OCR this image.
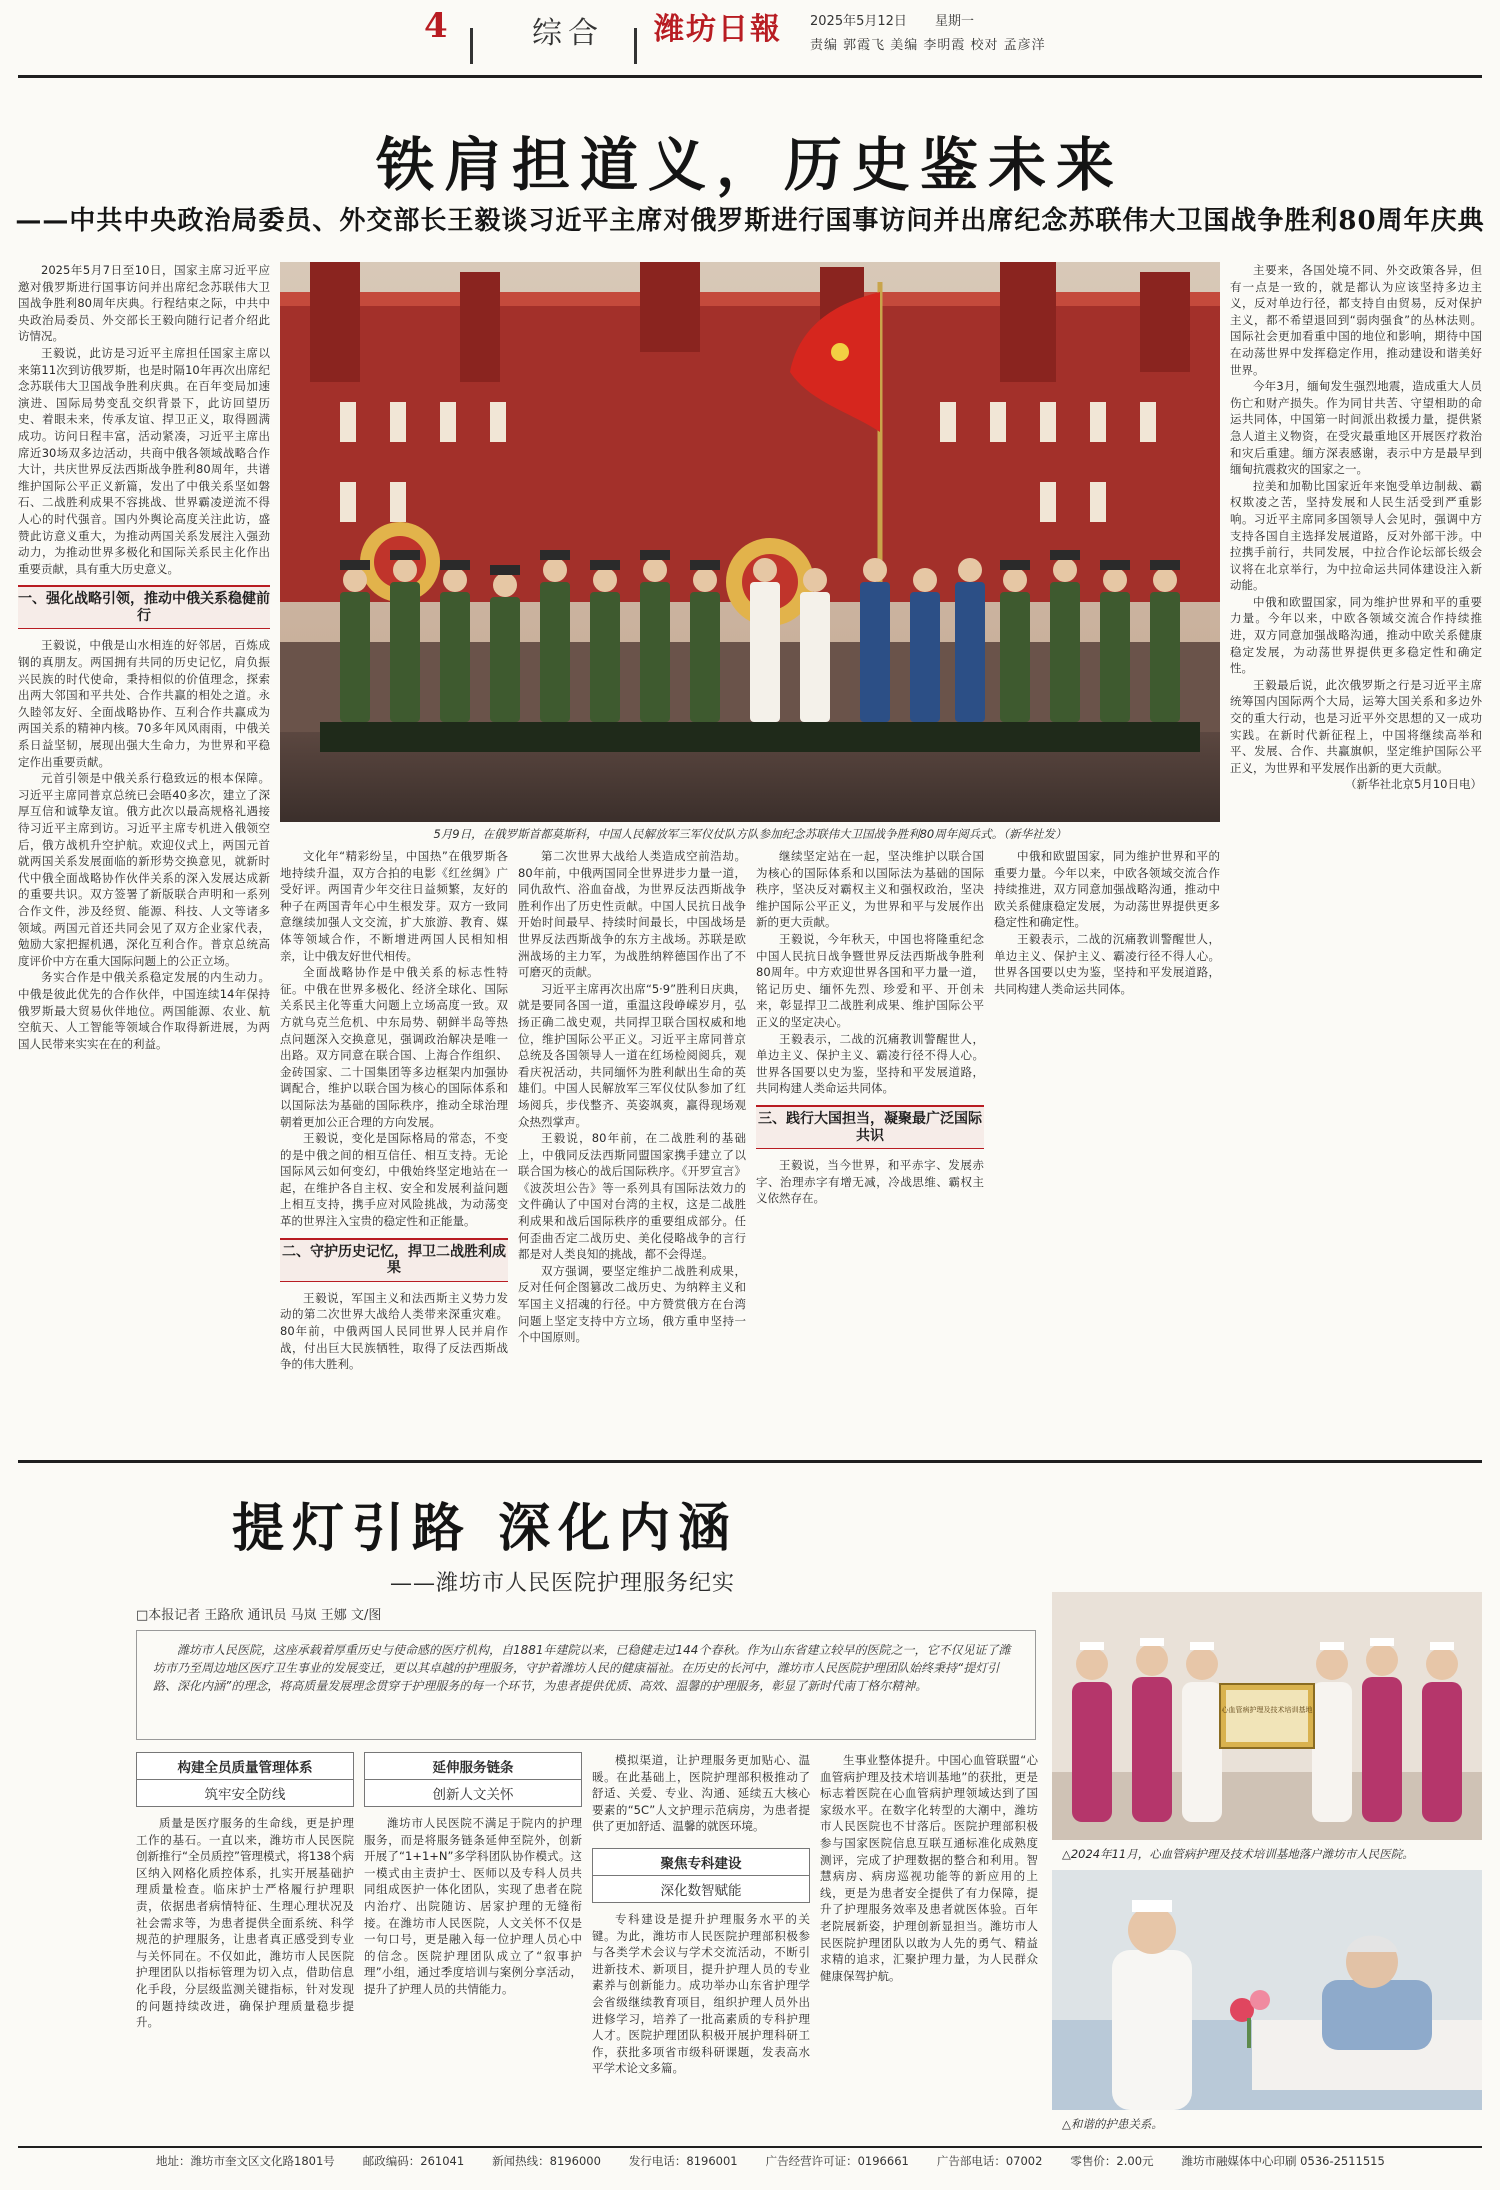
4	综合 潍坊日報 2025年5月12日 星期一
责编 郭霞飞 美编 李明霞 校对 孟彦洋
铁肩担道义，历史鉴未来
——中共中央政治局委员、外交部长王毅谈习近平主席对俄罗斯进行国事访问并出席纪念苏联伟大卫国战争胜利80周年庆典

2025年5月7日至10日，国家主席习近平应邀对俄罗斯进行国事访问并出席纪念苏联伟大卫国战争胜利80周年庆典。行程结束之际，中共中央政治局委员、外交部长王毅向随行记者介绍此访情况。

王毅说，此访是习近平主席担任国家主席以来第11次到访俄罗斯，也是时隔10年再次出席纪念苏联伟大卫国战争胜利庆典。在百年变局加速演进、国际局势变乱交织背景下，此访回望历史、着眼未来，传承友谊、捍卫正义，取得圆满成功。访问日程丰富，活动紧凑，习近平主席出席近30场双多边活动，共商中俄各领域战略合作大计，共庆世界反法西斯战争胜利80周年，共谱维护国际公平正义新篇，发出了中俄关系坚如磐石、二战胜利成果不容挑战、世界霸凌逆流不得人心的时代强音。国内外舆论高度关注此访，盛赞此访意义重大，为推动两国关系发展注入强劲动力，为推动世界多极化和国际关系民主化作出重要贡献，具有重大历史意义。

一、强化战略引领，推动中俄关系稳健前行

王毅说，中俄是山水相连的好邻居，百炼成钢的真朋友。两国拥有共同的历史记忆，肩负振兴民族的时代使命，秉持相似的价值理念，探索出两大邻国和平共处、合作共赢的相处之道。永久睦邻友好、全面战略协作、互利合作共赢成为两国关系的精神内核。70多年风风雨雨，中俄关系日益坚韧，展现出强大生命力，为世界和平稳定作出重要贡献。

元首引领是中俄关系行稳致远的根本保障。习近平主席同普京总统已会晤40多次，建立了深厚互信和诚挚友谊。俄方此次以最高规格礼遇接待习近平主席到访。习近平主席专机进入俄领空后，俄方战机升空护航。欢迎仪式上，两国元首就两国关系发展面临的新形势交换意见，就新时代中俄全面战略协作伙伴关系的深入发展达成新的重要共识。双方签署了新版联合声明和一系列合作文件，涉及经贸、能源、科技、人文等诸多领域。两国元首还共同会见了双方企业家代表，勉励大家把握机遇，深化互利合作。普京总统高度评价中方在重大国际问题上的公正立场。

务实合作是中俄关系稳定发展的内生动力。中俄是彼此优先的合作伙伴，中国连续14年保持俄罗斯最大贸易伙伴地位。两国能源、农业、航空航天、人工智能等领域合作取得新进展，为两国人民带来实实在在的利益。

5月9日，在俄罗斯首都莫斯科，中国人民解放军三军仪仗队方队参加纪念苏联伟大卫国战争胜利80周年阅兵式。（新华社发）

文化年“精彩纷呈，中国热”在俄罗斯各地持续升温，双方合拍的电影《红丝绸》广受好评。两国青少年交往日益频繁，友好的种子在两国青年心中生根发芽。双方一致同意继续加强人文交流，扩大旅游、教育、媒体等领域合作，不断增进两国人民相知相亲，让中俄友好世代相传。

全面战略协作是中俄关系的标志性特征。中俄在世界多极化、经济全球化、国际关系民主化等重大问题上立场高度一致。双方就乌克兰危机、中东局势、朝鲜半岛等热点问题深入交换意见，强调政治解决是唯一出路。双方同意在联合国、上海合作组织、金砖国家、二十国集团等多边框架内加强协调配合，维护以联合国为核心的国际体系和以国际法为基础的国际秩序，推动全球治理朝着更加公正合理的方向发展。

王毅说，变化是国际格局的常态，不变的是中俄之间的相互信任、相互支持。无论国际风云如何变幻，中俄始终坚定地站在一起，在维护各自主权、安全和发展利益问题上相互支持，携手应对风险挑战，为动荡变革的世界注入宝贵的稳定性和正能量。

二、守护历史记忆，捍卫二战胜利成果

王毅说，军国主义和法西斯主义势力发动的第二次世界大战给人类带来深重灾难。80年前，中俄两国人民同世界人民并肩作战，付出巨大民族牺牲，取得了反法西斯战争的伟大胜利。

第二次世界大战给人类造成空前浩劫。80年前，中俄两国同全世界进步力量一道，同仇敌忾、浴血奋战，为世界反法西斯战争胜利作出了历史性贡献。中国人民抗日战争开始时间最早、持续时间最长，中国战场是世界反法西斯战争的东方主战场。苏联是欧洲战场的主力军，为战胜纳粹德国作出了不可磨灭的贡献。

习近平主席再次出席“5·9”胜利日庆典，就是要同各国一道，重温这段峥嵘岁月，弘扬正确二战史观，共同捍卫联合国权威和地位，维护国际公平正义。习近平主席同普京总统及各国领导人一道在红场检阅阅兵，观看庆祝活动，共同缅怀为胜利献出生命的英雄们。中国人民解放军三军仪仗队参加了红场阅兵，步伐整齐、英姿飒爽，赢得现场观众热烈掌声。

王毅说，80年前，在二战胜利的基础上，中俄同反法西斯同盟国家携手建立了以联合国为核心的战后国际秩序。《开罗宣言》《波茨坦公告》等一系列具有国际法效力的文件确认了中国对台湾的主权，这是二战胜利成果和战后国际秩序的重要组成部分。任何歪曲否定二战历史、美化侵略战争的言行都是对人类良知的挑战，都不会得逞。

双方强调，要坚定维护二战胜利成果，反对任何企图篡改二战历史、为纳粹主义和军国主义招魂的行径。中方赞赏俄方在台湾问题上坚定支持中方立场，俄方重申坚持一个中国原则。

继续坚定站在一起，坚决维护以联合国为核心的国际体系和以国际法为基础的国际秩序，坚决反对霸权主义和强权政治，坚决维护国际公平正义，为世界和平与发展作出新的更大贡献。

王毅说，今年秋天，中国也将隆重纪念中国人民抗日战争暨世界反法西斯战争胜利80周年。中方欢迎世界各国和平力量一道，铭记历史、缅怀先烈、珍爱和平、开创未来，彰显捍卫二战胜利成果、维护国际公平正义的坚定决心。

王毅表示，二战的沉痛教训警醒世人，单边主义、保护主义、霸凌行径不得人心。世界各国要以史为鉴，坚持和平发展道路，共同构建人类命运共同体。

三、践行大国担当，凝聚最广泛国际共识

王毅说，当今世界，和平赤字、发展赤字、治理赤字有增无减，冷战思维、霸权主义依然存在。

主要来，各国处境不同、外交政策各异，但有一点是一致的，就是都认为应该坚持多边主义，反对单边行径，都支持自由贸易，反对保护主义，都不希望退回到“弱肉强食”的丛林法则。国际社会更加看重中国的地位和影响，期待中国在动荡世界中发挥稳定作用，推动建设和谐美好世界。

今年3月，缅甸发生强烈地震，造成重大人员伤亡和财产损失。作为同甘共苦、守望相助的命运共同体，中国第一时间派出救援力量，提供紧急人道主义物资，在受灾最重地区开展医疗救治和灾后重建。缅方深表感谢，表示中方是最早到缅甸抗震救灾的国家之一。

拉美和加勒比国家近年来饱受单边制裁、霸权欺凌之苦，坚持发展和人民生活受到严重影响。习近平主席同多国领导人会见时，强调中方支持各国自主选择发展道路，反对外部干涉。中拉携手前行，共同发展，中拉合作论坛部长级会议将在北京举行，为中拉命运共同体建设注入新动能。

中俄和欧盟国家，同为维护世界和平的重要力量。今年以来，中欧各领域交流合作持续推进，双方同意加强战略沟通，推动中欧关系健康稳定发展，为动荡世界提供更多稳定性和确定性。

王毅最后说，此次俄罗斯之行是习近平主席统筹国内国际两个大局，运筹大国关系和多边外交的重大行动，也是习近平外交思想的又一成功实践。在新时代新征程上，中国将继续高举和平、发展、合作、共赢旗帜，坚定维护国际公平正义，为世界和平发展作出新的更大贡献。

（新华社北京5月10日电）

中俄和欧盟国家，同为维护世界和平的重要力量。今年以来，中欧各领域交流合作持续推进，双方同意加强战略沟通，推动中欧关系健康稳定发展，为动荡世界提供更多稳定性和确定性。

王毅表示，二战的沉痛教训警醒世人，单边主义、保护主义、霸凌行径不得人心。世界各国要以史为鉴，坚持和平发展道路，共同构建人类命运共同体。

提灯引路 深化内涵
——潍坊市人民医院护理服务纪实
□本报记者 王路欣 通讯员 马岚 王娜 文/图

潍坊市人民医院，这座承载着厚重历史与使命感的医疗机构，自1881年建院以来，已稳健走过144个春秋。作为山东省建立较早的医院之一，它不仅见证了潍坊市乃至周边地区医疗卫生事业的发展变迁，更以其卓越的护理服务，守护着潍坊人民的健康福祉。在历史的长河中，潍坊市人民医院护理团队始终秉持“提灯引路、深化内涵”的理念，将高质量发展理念贯穿于护理服务的每一个环节，为患者提供优质、高效、温馨的护理服务，彰显了新时代南丁格尔精神。

构建全员质量管理体系
筑牢安全防线

质量是医疗服务的生命线，更是护理工作的基石。一直以来，潍坊市人民医院创新推行“全员质控”管理模式，将138个病区纳入网格化质控体系，扎实开展基础护理质量检查。临床护士严格履行护理职责，依据患者病情特征、生理心理状况及社会需求等，为患者提供全面系统、科学规范的护理服务，让患者真正感受到专业与关怀同在。不仅如此，潍坊市人民医院护理团队以指标管理为切入点，借助信息化手段，分层级监测关键指标，针对发现的问题持续改进，确保护理质量稳步提升。

延伸服务链条
创新人文关怀

潍坊市人民医院不满足于院内的护理服务，而是将服务链条延伸至院外，创新开展了“1+1+N”多学科团队协作模式。这一模式由主责护士、医师以及专科人员共同组成医护一体化团队，实现了患者在院内治疗、出院随访、居家护理的无缝衔接。在潍坊市人民医院，人文关怀不仅是一句口号，更是融入每一位护理人员心中的信念。医院护理团队成立了“叙事护理”小组，通过季度培训与案例分享活动，提升了护理人员的共情能力。

模拟渠道，让护理服务更加贴心、温暖。在此基础上，医院护理部积极推动了舒适、关爱、专业、沟通、延续五大核心要素的“5C”人文护理示范病房，为患者提供了更加舒适、温馨的就医环境。

聚焦专科建设
深化数智赋能

专科建设是提升护理服务水平的关键。为此，潍坊市人民医院护理部积极参与各类学术会议与学术交流活动，不断引进新技术、新项目，提升护理人员的专业素养与创新能力。成功举办山东省护理学会省级继续教育项目，组织护理人员外出进修学习，培养了一批高素质的专科护理人才。医院护理团队积极开展护理科研工作，获批多项省市级科研课题，发表高水平学术论文多篇。

生事业整体提升。中国心血管联盟“心血管病护理及技术培训基地”的获批，更是标志着医院在心血管病护理领域达到了国家级水平。在数字化转型的大潮中，潍坊市人民医院也不甘落后。医院护理部积极参与国家医院信息互联互通标准化成熟度测评，完成了护理数据的整合和利用。智慧病房、病房巡视功能等的新应用的上线，更是为患者安全提供了有力保障，提升了护理服务效率及患者就医体验。百年老院展新姿，护理创新显担当。潍坊市人民医院护理团队以敢为人先的勇气、精益求精的追求，汇聚护理力量，为人民群众健康保驾护航。

心血管病护理及技术培训基地
△2024年11月，心血管病护理及技术培训基地落户潍坊市人民医院。
△和谐的护患关系。
地址：潍坊市奎文区文化路1801号 邮政编码：261041 新闻热线：8196000 发行电话：8196001 广告经营许可证：0196661 广告部电话：07002 零售价：2.00元 潍坊市融媒体中心印刷 0536-2511515
